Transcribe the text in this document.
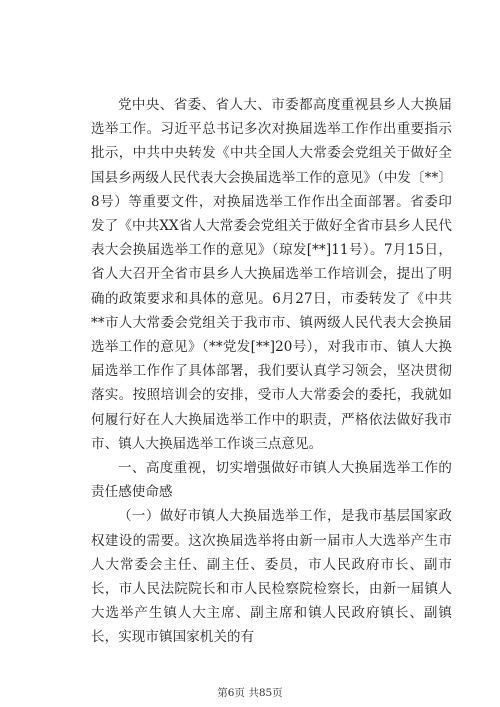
党中央、省委、省人大、市委都高度重视县乡人大换届选举工作。习近平总书记多次对换届选举工作作出重要指示批示，中共中央转发《中共全国人大常委会党组关于做好全国县乡两级人民代表大会换届选举工作的意见》（中发〔**〕8号）等重要文件，对换届选举工作作出全面部署。省委印发了《中共XX省人大常委会党组关于做好全省市县乡人民代表大会换届选举工作的意见》（琼发[**]11号）。7月15日，省人大召开全省市县乡人大换届选举工作培训会，提出了明确的政策要求和具体的意见。6月27日，市委转发了《中共**市人大常委会党组关于我市市、镇两级人民代表大会换届选举工作的意见》（**党发[**]20号），对我市市、镇人大换届选举工作作了具体部署，我们要认真学习领会，坚决贯彻落实。按照培训会的安排，受市人大常委会的委托，我就如何履行好在人大换届选举工作中的职责，严格依法做好我市市、镇人大换届选举工作谈三点意见。

一、高度重视，切实增强做好市镇人大换届选举工作的责任感使命感

（一）做好市镇人大换届选举工作，是我市基层国家政权建设的需要。这次换届选举将由新一届市人大选举产生市人大常委会主任、副主任、委员，市人民政府市长、副市长，市人民法院院长和市人民检察院检察长，由新一届镇人大选举产生镇人大主席、副主席和镇人民政府镇长、副镇长，实现市镇国家机关的有

第6页 共85页
